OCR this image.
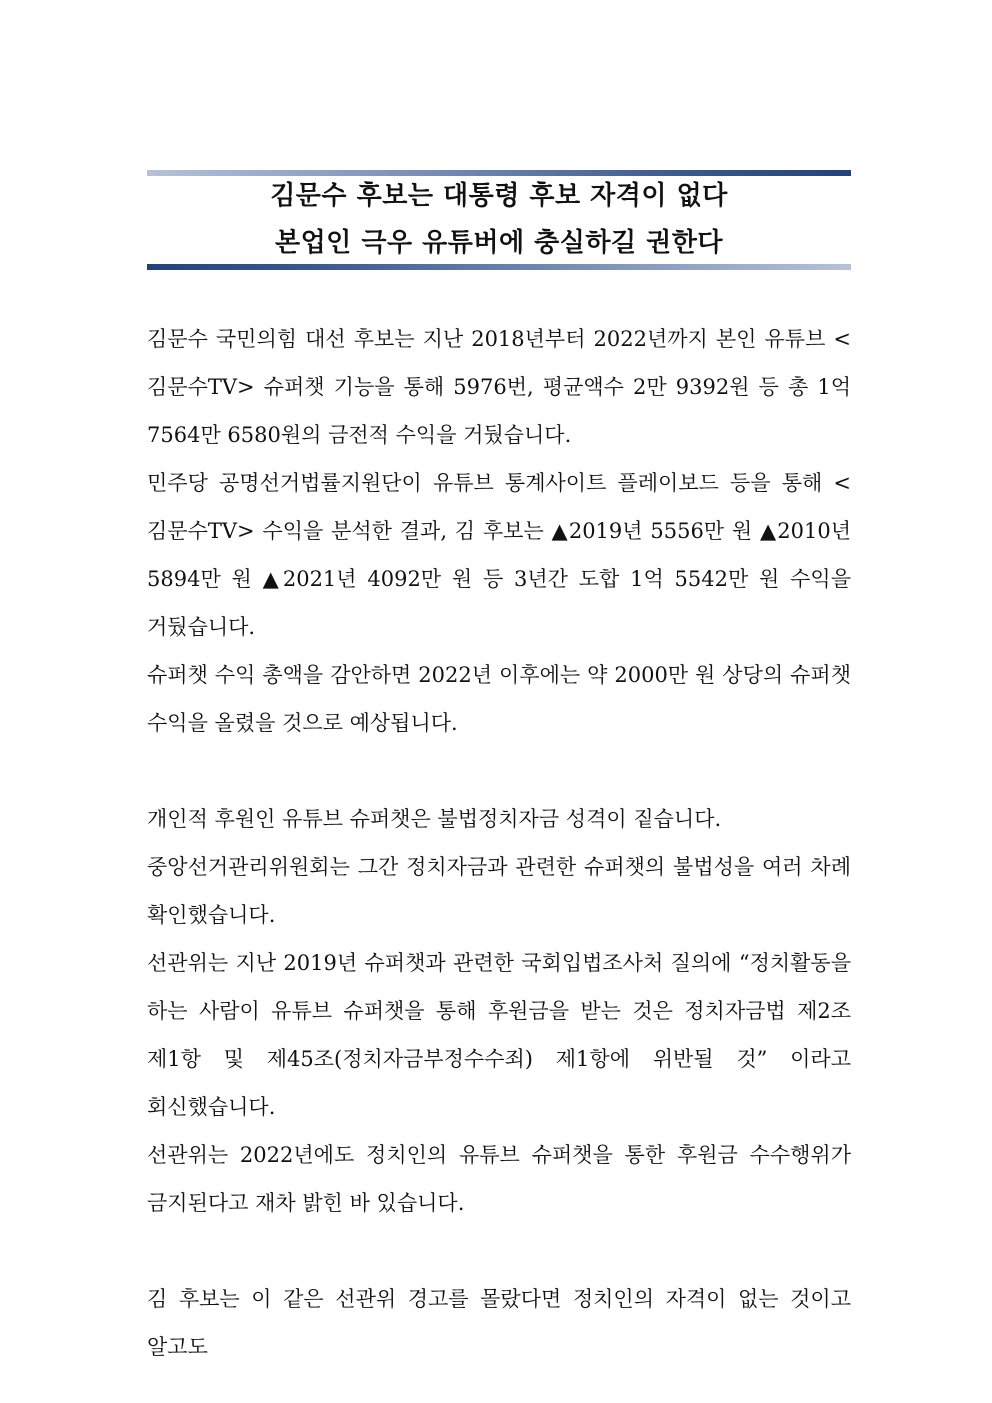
김문수 후보는 대통령 후보 자격이 없다
본업인 극우 유튜버에 충실하길 권한다

김문수 국민의힘 대선 후보는 지난 2018년부터 2022년까지 본인 유튜브 <김문수TV> 슈퍼챗 기능을 통해 5976번, 평균액수 2만 9392원 등 총 1억 7564만 6580원의 금전적 수익을 거뒀습니다.

민주당 공명선거법률지원단이 유튜브 통계사이트 플레이보드 등을 통해 <김문수TV> 수익을 분석한 결과, 김 후보는 ▲2019년 5556만 원 ▲2010년 5894만 원 ▲2021년 4092만 원 등 3년간 도합 1억 5542만 원 수익을 거뒀습니다.

슈퍼챗 수익 총액을 감안하면 2022년 이후에는 약 2000만 원 상당의 슈퍼챗 수익을 올렸을 것으로 예상됩니다.

개인적 후원인 유튜브 슈퍼챗은 불법정치자금 성격이 짙습니다.

중앙선거관리위원회는 그간 정치자금과 관련한 슈퍼챗의 불법성을 여러 차례 확인했습니다.

선관위는 지난 2019년 슈퍼챗과 관련한 국회입법조사처 질의에 “정치활동을 하는 사람이 유튜브 슈퍼챗을 통해 후원금을 받는 것은 정치자금법 제2조 제1항 및 제45조(정치자금부정수수죄) 제1항에 위반될 것” 이라고 회신했습니다.

선관위는 2022년에도 정치인의 유튜브 슈퍼챗을 통한 후원금 수수행위가 금지된다고 재차 밝힌 바 있습니다.

김 후보는 이 같은 선관위 경고를 몰랐다면 정치인의 자격이 없는 것이고 알고도
